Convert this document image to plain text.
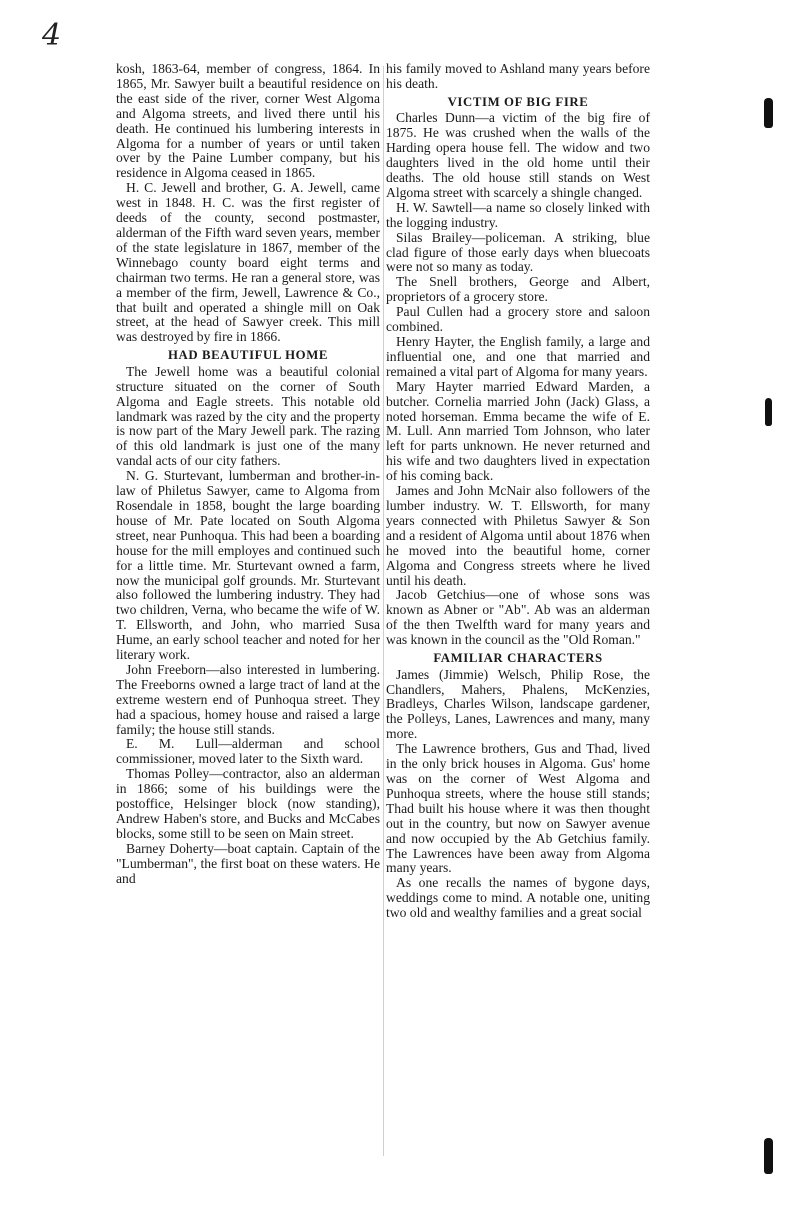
4

kosh, 1863-64, member of congress, 1864. In 1865, Mr. Sawyer built a beautiful residence on the east side of the river, corner West Algoma and Algoma streets, and lived there until his death. He continued his lumbering interests in Algoma for a number of years or until taken over by the Paine Lumber company, but his residence in Algoma ceased in 1865.

H. C. Jewell and brother, G. A. Jewell, came west in 1848. H. C. was the first register of deeds of the county, second postmaster, alderman of the Fifth ward seven years, member of the state legislature in 1867, member of the Winnebago county board eight terms and chairman two terms. He ran a general store, was a member of the firm, Jewell, Lawrence & Co., that built and operated a shingle mill on Oak street, at the head of Sawyer creek. This mill was destroyed by fire in 1866.

HAD BEAUTIFUL HOME

The Jewell home was a beautiful colonial structure situated on the corner of South Algoma and Eagle streets. This notable old landmark was razed by the city and the property is now part of the Mary Jewell park. The razing of this old landmark is just one of the many vandal acts of our city fathers.

N. G. Sturtevant, lumberman and brother-in-law of Philetus Sawyer, came to Algoma from Rosendale in 1858, bought the large boarding house of Mr. Pate located on South Algoma street, near Punhoqua. This had been a boarding house for the mill employes and continued such for a little time. Mr. Sturtevant owned a farm, now the municipal golf grounds. Mr. Sturtevant also followed the lumbering industry. They had two children, Verna, who became the wife of W. T. Ellsworth, and John, who married Susa Hume, an early school teacher and noted for her literary work.

John Freeborn—also interested in lumbering. The Freeborns owned a large tract of land at the extreme western end of Punhoqua street. They had a spacious, homey house and raised a large family; the house still stands.

E. M. Lull—alderman and school commissioner, moved later to the Sixth ward.

Thomas Polley—contractor, also an alderman in 1866; some of his buildings were the postoffice, Helsinger block (now standing), Andrew Haben's store, and Bucks and McCabes blocks, some still to be seen on Main street.

Barney Doherty—boat captain. Captain of the "Lumberman", the first boat on these waters. He and

his family moved to Ashland many years before his death.

VICTIM OF BIG FIRE

Charles Dunn—a victim of the big fire of 1875. He was crushed when the walls of the Harding opera house fell. The widow and two daughters lived in the old home until their deaths. The old house still stands on West Algoma street with scarcely a shingle changed.

H. W. Sawtell—a name so closely linked with the logging industry.

Silas Brailey—policeman. A striking, blue clad figure of those early days when bluecoats were not so many as today.

The Snell brothers, George and Albert, proprietors of a grocery store.

Paul Cullen had a grocery store and saloon combined.

Henry Hayter, the English family, a large and influential one, and one that married and remained a vital part of Algoma for many years.

Mary Hayter married Edward Marden, a butcher. Cornelia married John (Jack) Glass, a noted horseman. Emma became the wife of E. M. Lull. Ann married Tom Johnson, who later left for parts unknown. He never returned and his wife and two daughters lived in expectation of his coming back.

James and John McNair also followers of the lumber industry. W. T. Ellsworth, for many years connected with Philetus Sawyer & Son and a resident of Algoma until about 1876 when he moved into the beautiful home, corner Algoma and Congress streets where he lived until his death.

Jacob Getchius—one of whose sons was known as Abner or "Ab". Ab was an alderman of the then Twelfth ward for many years and was known in the council as the "Old Roman."

FAMILIAR CHARACTERS

James (Jimmie) Welsch, Philip Rose, the Chandlers, Mahers, Phalens, McKenzies, Bradleys, Charles Wilson, landscape gardener, the Polleys, Lanes, Lawrences and many, many more.

The Lawrence brothers, Gus and Thad, lived in the only brick houses in Algoma. Gus' home was on the corner of West Algoma and Punhoqua streets, where the house still stands; Thad built his house where it was then thought out in the country, but now on Sawyer avenue and now occupied by the Ab Getchius family. The Lawrences have been away from Algoma many years.

As one recalls the names of bygone days, weddings come to mind. A notable one, uniting two old and wealthy families and a great social
